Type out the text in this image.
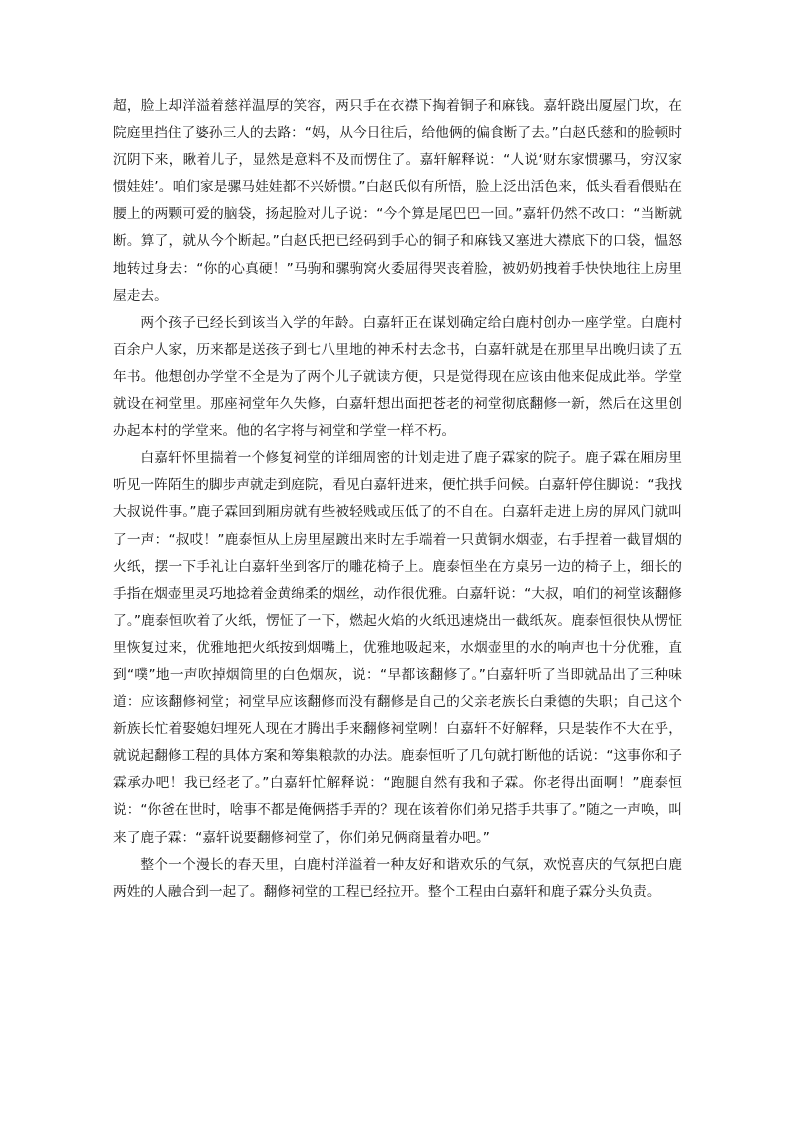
超，脸上却洋溢着慈祥温厚的笑容，两只手在衣襟下掏着铜子和麻钱。嘉轩跷出厦屋门坎，在院庭里挡住了婆孙三人的去路：“妈，从今日往后，给他俩的偏食断了去。”白赵氏慈和的脸顿时沉阴下来，瞅着儿子，显然是意料不及而愣住了。嘉轩解释说：“人说‘财东家惯骡马，穷汉家惯娃娃’。咱们家是骡马娃娃都不兴娇惯。”白赵氏似有所悟，脸上泛出活色来，低头看看偎贴在腰上的两颗可爱的脑袋，扬起脸对儿子说：“今个算是尾巴巴一回。”嘉轩仍然不改口：“当断就断。算了，就从今个断起。”白赵氏把已经码到手心的铜子和麻钱又塞进大襟底下的口袋，愠怒地转过身去：“你的心真硬！”马驹和骡驹窝火委屈得哭丧着脸，被奶奶拽着手快快地往上房里屋走去。

两个孩子已经长到该当入学的年龄。白嘉轩正在谋划确定给白鹿村创办一座学堂。白鹿村百余户人家，历来都是送孩子到七八里地的神禾村去念书，白嘉轩就是在那里早出晚归读了五年书。他想创办学堂不全是为了两个儿子就读方便，只是觉得现在应该由他来促成此举。学堂就设在祠堂里。那座祠堂年久失修，白嘉轩想出面把苍老的祠堂彻底翻修一新，然后在这里创办起本村的学堂来。他的名字将与祠堂和学堂一样不朽。

白嘉轩怀里揣着一个修复祠堂的详细周密的计划走进了鹿子霖家的院子。鹿子霖在厢房里听见一阵陌生的脚步声就走到庭院，看见白嘉轩进来，便忙拱手问候。白嘉轩停住脚说：“我找大叔说件事。”鹿子霖回到厢房就有些被轻贱或压低了的不自在。白嘉轩走进上房的屏风门就叫了一声：“叔哎！”鹿泰恒从上房里屋踱出来时左手端着一只黄铜水烟壶，右手捏着一截冒烟的火纸，摆一下手礼让白嘉轩坐到客厅的雕花椅子上。鹿泰恒坐在方桌另一边的椅子上，细长的手指在烟壶里灵巧地捻着金黄绵柔的烟丝，动作很优雅。白嘉轩说：“大叔，咱们的祠堂该翻修了。”鹿泰恒吹着了火纸，愣怔了一下，燃起火焰的火纸迅速烧出一截纸灰。鹿泰恒很快从愣怔里恢复过来，优雅地把火纸按到烟嘴上，优雅地吸起来，水烟壶里的水的响声也十分优雅，直到“噗”地一声吹掉烟筒里的白色烟灰，说：“早都该翻修了。”白嘉轩听了当即就品出了三种味道：应该翻修祠堂；祠堂早应该翻修而没有翻修是自己的父亲老族长白秉德的失职；自己这个新族长忙着娶媳妇埋死人现在才腾出手来翻修祠堂咧！白嘉轩不好解释，只是装作不大在乎，就说起翻修工程的具体方案和筹集粮款的办法。鹿泰恒听了几句就打断他的话说：“这事你和子霖承办吧！我已经老了。”白嘉轩忙解释说：“跑腿自然有我和子霖。你老得出面啊！”鹿泰恒说：“你爸在世时，啥事不都是俺俩搭手弄的？现在该着你们弟兄搭手共事了。”随之一声唤，叫来了鹿子霖：“嘉轩说要翻修祠堂了，你们弟兄俩商量着办吧。”

整个一个漫长的春天里，白鹿村洋溢着一种友好和谐欢乐的气氛，欢悦喜庆的气氛把白鹿两姓的人融合到一起了。翻修祠堂的工程已经拉开。整个工程由白嘉轩和鹿子霖分头负责。
